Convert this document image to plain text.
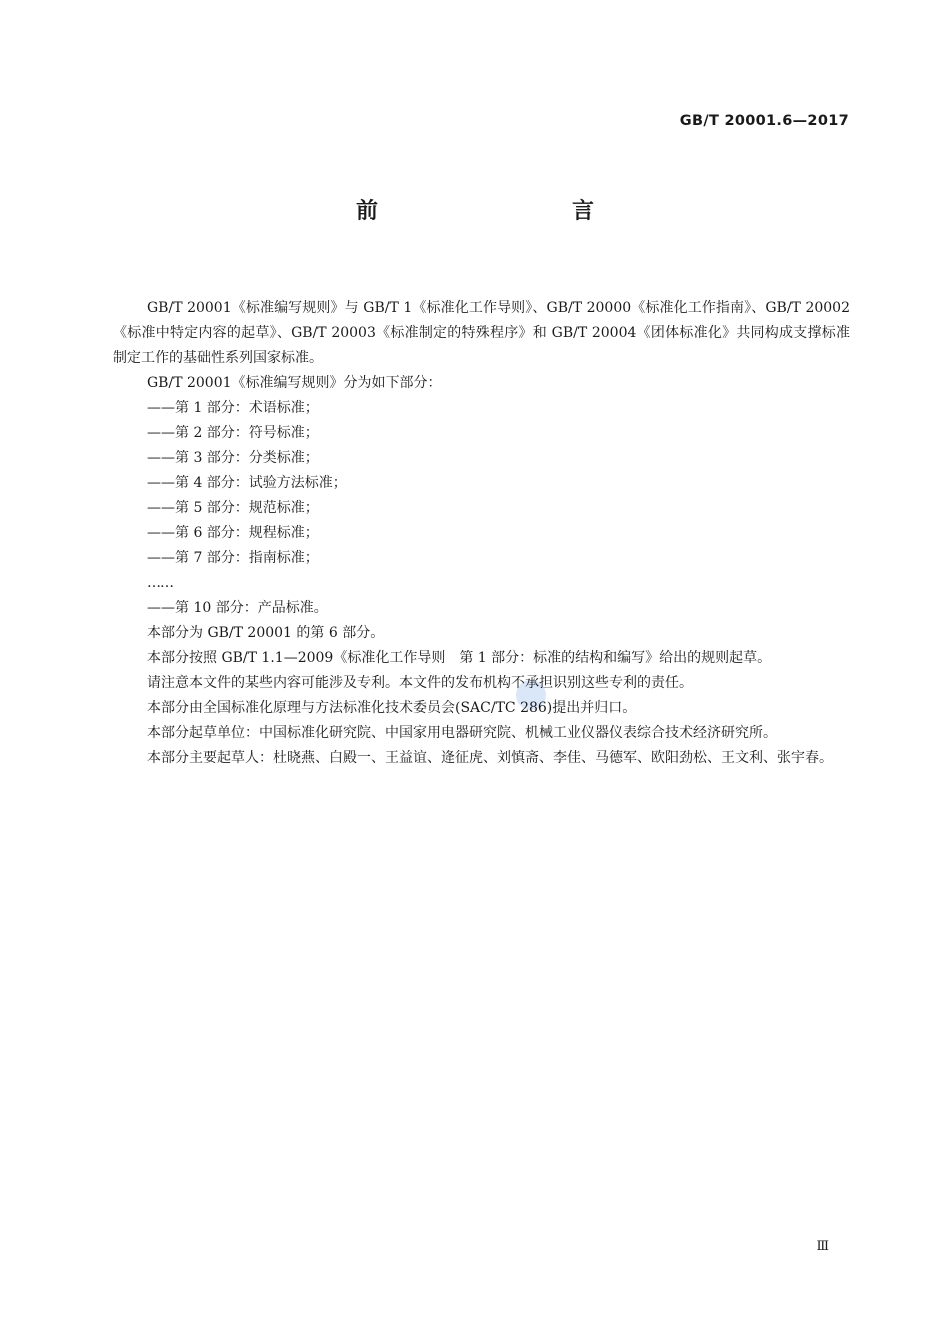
GB/T 20001.6—2017
前　　言

GB/T 20001《标准编写规则》与 GB/T 1《标准化工作导则》、GB/T 20000《标准化工作指南》、GB/T 20002《标准中特定内容的起草》、GB/T 20003《标准制定的特殊程序》和 GB/T 20004《团体标准化》共同构成支撑标准制定工作的基础性系列国家标准。

GB/T 20001《标准编写规则》分为如下部分：

——第 1 部分：术语标准；

——第 2 部分：符号标准；

——第 3 部分：分类标准；

——第 4 部分：试验方法标准；

——第 5 部分：规范标准；

——第 6 部分：规程标准；

——第 7 部分：指南标准；

……

——第 10 部分：产品标准。

本部分为 GB/T 20001 的第 6 部分。

本部分按照 GB/T 1.1—2009《标准化工作导则　第 1 部分：标准的结构和编写》给出的规则起草。

请注意本文件的某些内容可能涉及专利。本文件的发布机构不承担识别这些专利的责任。

本部分由全国标准化原理与方法标准化技术委员会(SAC/TC 286)提出并归口。

本部分起草单位：中国标准化研究院、中国家用电器研究院、机械工业仪器仪表综合技术经济研究所。

本部分主要起草人：杜晓燕、白殿一、王益谊、逄征虎、刘慎斋、李佳、马德军、欧阳劲松、王文利、张宇春。

Ⅲ
